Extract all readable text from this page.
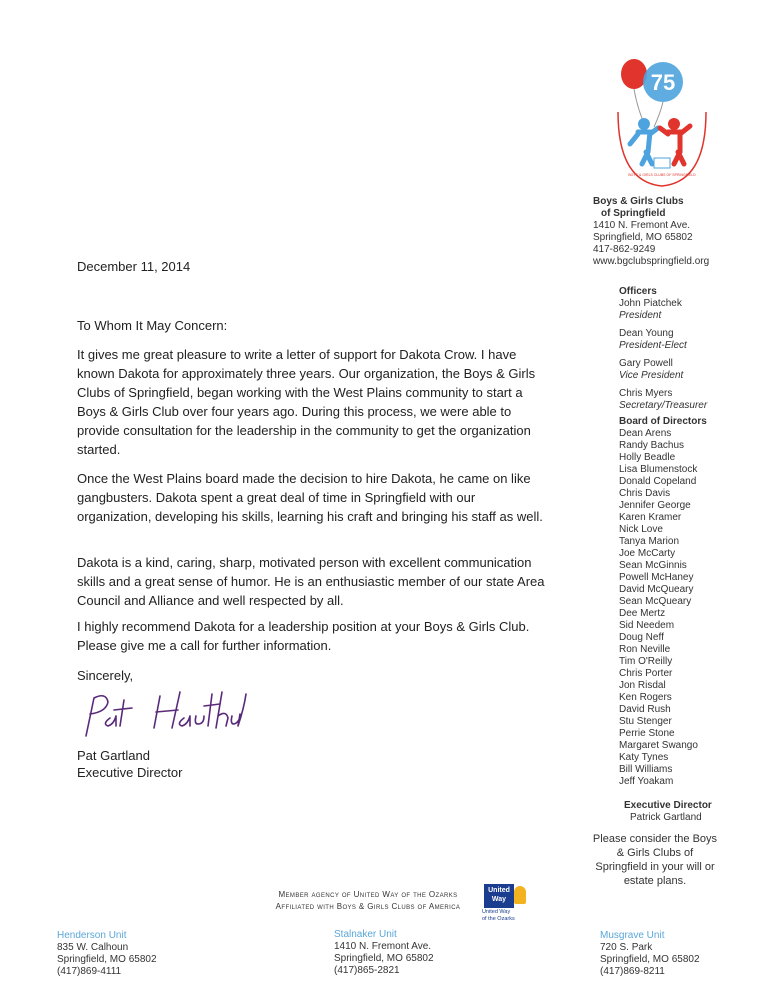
75
BOYS & GIRLS CLUBS OF SPRINGFIELD
Boys & Girls Clubs
of Springfield
1410 N. Fremont Ave.
Springfield, MO 65802
417-862-9249
www.bgclubspringfield.org
Officers
John Piatchek
President
Dean Young
President-Elect
Gary Powell
Vice President
Chris Myers
Secretary/Treasurer
Board of Directors
Dean Arens
Randy Bachus
Holly Beadle
Lisa Blumenstock
Donald Copeland
Chris Davis
Jennifer George
Karen Kramer
Nick Love
Tanya Marion
Joe McCarty
Sean McGinnis
Powell McHaney
David McQueary
Sean McQueary
Dee Mertz
Sid Needem
Doug Neff
Ron Neville
Tim O'Reilly
Chris Porter
Jon Risdal
Ken Rogers
David Rush
Stu Stenger
Perrie Stone
Margaret Swango
Katy Tynes
Bill Williams
Jeff Yoakam
Executive Director
Patrick Gartland
Please consider the Boys & Girls Clubs of Springfield in your will or estate plans.
December 11, 2014
To Whom It May Concern:
It gives me great pleasure to write a letter of support for Dakota Crow. I have known Dakota for approximately three years. Our organization, the Boys & Girls Clubs of Springfield, began working with the West Plains community to start a Boys & Girls Club over four years ago. During this process, we were able to provide consultation for the leadership in the community to get the organization started.
Once the West Plains board made the decision to hire Dakota, he came on like gangbusters. Dakota spent a great deal of time in Springfield with our organization, developing his skills, learning his craft and bringing his staff as well.
Dakota is a kind, caring, sharp, motivated person with excellent communication skills and a great sense of humor. He is an enthusiastic member of our state Area Council and Alliance and well respected by all.
I highly recommend Dakota for a leadership position at your Boys & Girls Club. Please give me a call for further information.
Sincerely,
Pat Gartland
Executive Director
Member agency of United Way of the Ozarks
Affiliated with Boys & Girls Clubs of America
United
Way
United Way
of the Ozarks
Henderson Unit
835 W. Calhoun
Springfield, MO 65802
(417)869-4111
Stalnaker Unit
1410 N. Fremont Ave.
Springfield, MO 65802
(417)865-2821
Musgrave Unit
720 S. Park
Springfield, MO 65802
(417)869-8211
